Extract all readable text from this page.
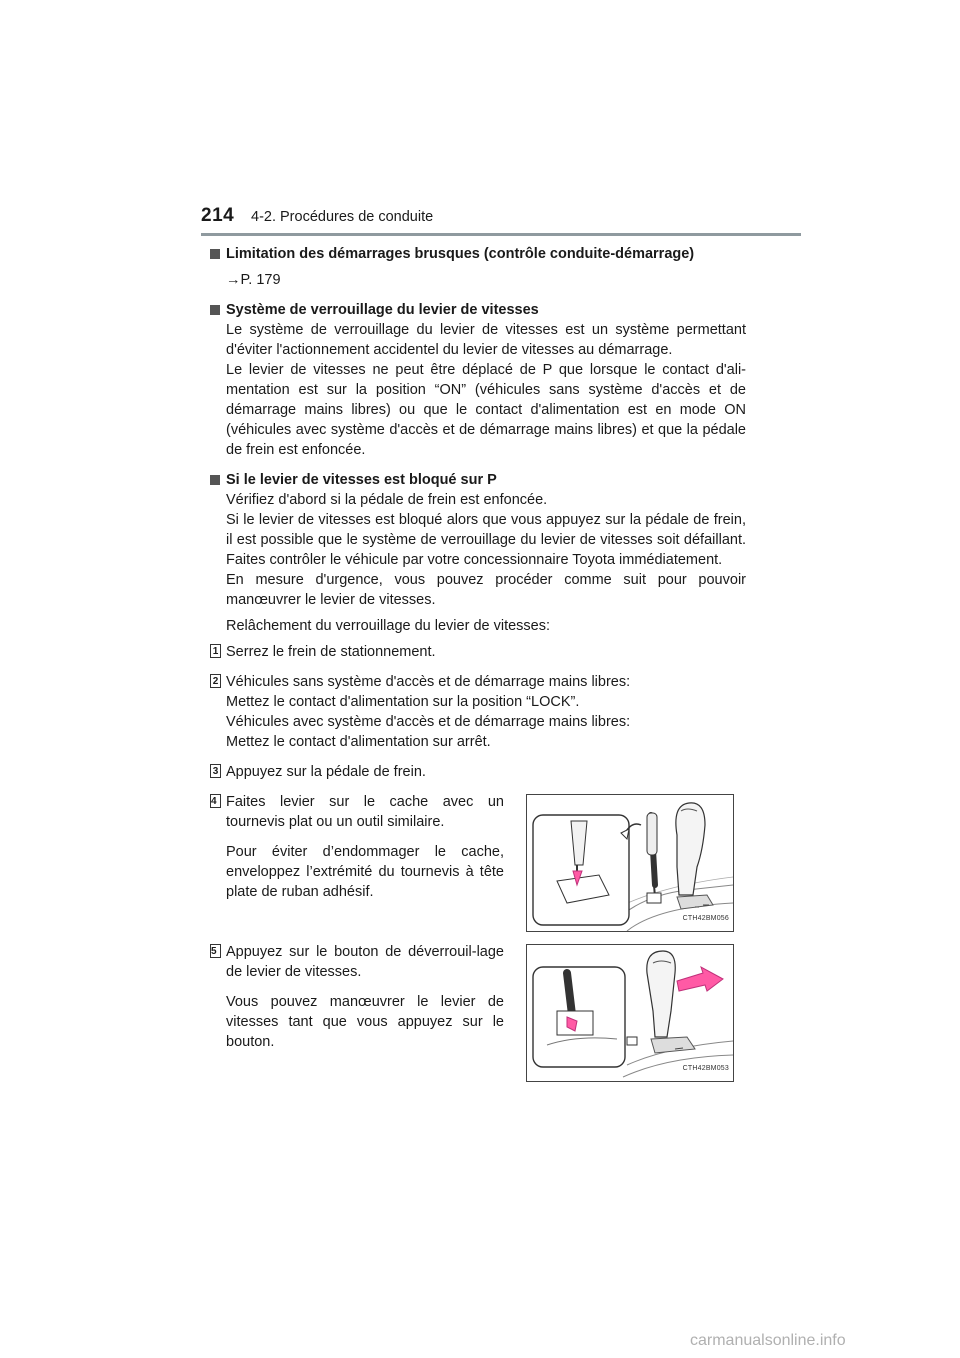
214 4-2. Procédures de conduite

Limitation des démarrages brusques (contrôle conduite-démarrage)

→P. 179

Système de verrouillage du levier de vitesses

Le système de verrouillage du levier de vitesses est un système permettant d'éviter l'actionnement accidentel du levier de vitesses au démarrage.

Le levier de vitesses ne peut être déplacé de P que lorsque le contact d'ali-mentation est sur la position “ON” (véhicules sans système d'accès et de démarrage mains libres) ou que le contact d'alimentation est en mode ON (véhicules avec système d'accès et de démarrage mains libres) et que la pédale de frein est enfoncée.

Si le levier de vitesses est bloqué sur P

Vérifiez d'abord si la pédale de frein est enfoncée.

Si le levier de vitesses est bloqué alors que vous appuyez sur la pédale de frein, il est possible que le système de verrouillage du levier de vitesses soit défaillant. Faites contrôler le véhicule par votre concessionnaire Toyota immédiatement.

En mesure d'urgence, vous pouvez procéder comme suit pour pouvoir manœuvrer le levier de vitesses.

Relâchement du verrouillage du levier de vitesses:

1 Serrez le frein de stationnement.
2 Véhicules sans système d'accès et de démarrage mains libres:
Mettez le contact d'alimentation sur la position “LOCK”.
Véhicules avec système d'accès et de démarrage mains libres:
Mettez le contact d'alimentation sur arrêt.
3 Appuyez sur la pédale de frein.
4 Faites levier sur le cache avec un tournevis plat ou un outil similaire.
Pour éviter d’endommager le cache, enveloppez l’extrémité du tournevis à tête plate de ruban adhésif.
CTH42BM056
5 Appuyez sur le bouton de déverrouil-lage de levier de vitesses.
Vous pouvez manœuvrer le levier de vitesses tant que vous appuyez sur le bouton.
CTH42BM053
carmanualsonline.info
